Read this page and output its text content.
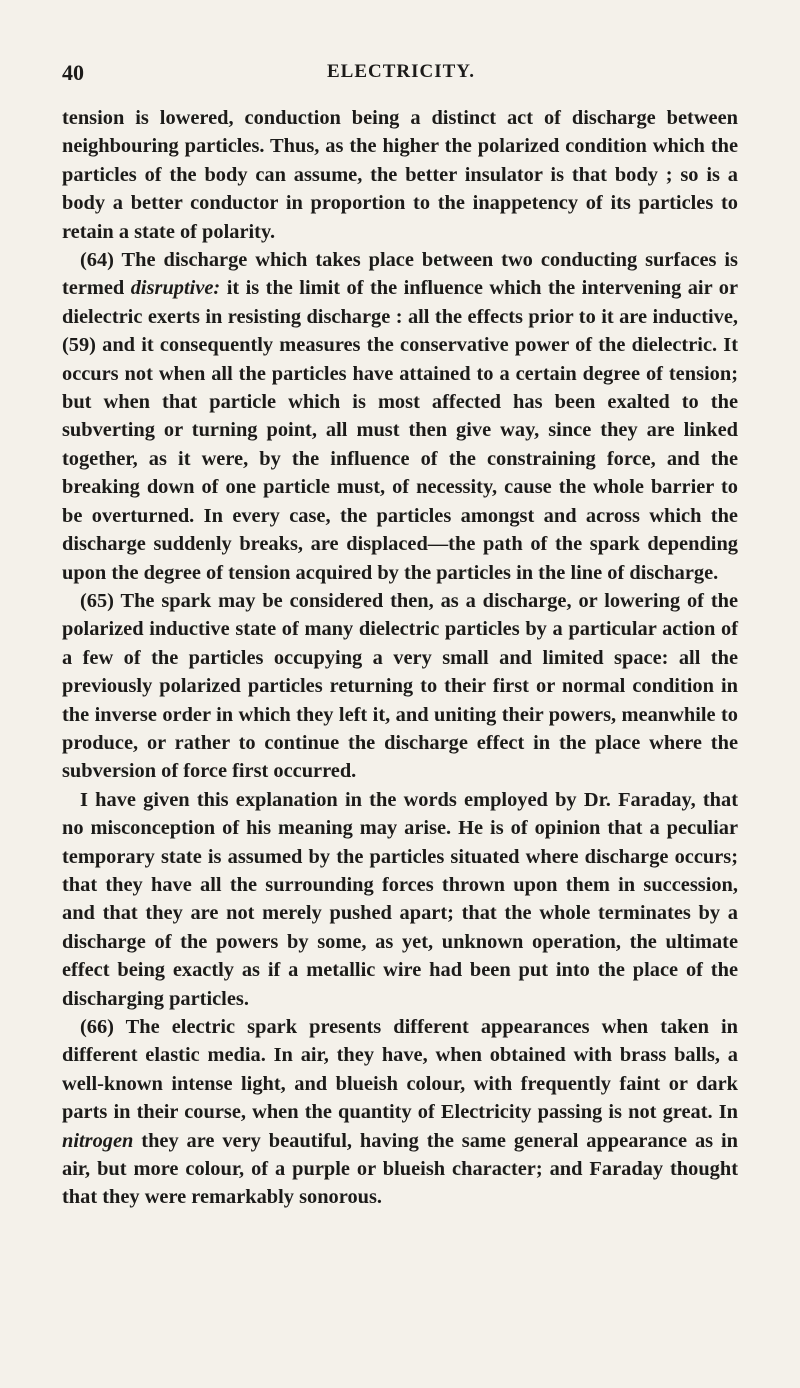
40	ELECTRICITY.

tension is lowered, conduction being a distinct act of discharge between neighbouring particles. Thus, as the higher the polarized condition which the particles of the body can assume, the better insulator is that body ; so is a body a better conductor in proportion to the inappetency of its particles to retain a state of polarity.

(64) The discharge which takes place between two conducting surfaces is termed disruptive: it is the limit of the influence which the intervening air or dielectric exerts in resisting discharge : all the effects prior to it are inductive, (59) and it consequently measures the conservative power of the dielectric. It occurs not when all the particles have attained to a certain degree of tension; but when that particle which is most affected has been exalted to the subverting or turning point, all must then give way, since they are linked together, as it were, by the influence of the constraining force, and the breaking down of one particle must, of necessity, cause the whole barrier to be overturned. In every case, the particles amongst and across which the discharge suddenly breaks, are displaced—the path of the spark depending upon the degree of tension acquired by the particles in the line of discharge.

(65) The spark may be considered then, as a discharge, or lowering of the polarized inductive state of many dielectric particles by a particular action of a few of the particles occupying a very small and limited space: all the previously polarized particles returning to their first or normal condition in the inverse order in which they left it, and uniting their powers, meanwhile to produce, or rather to continue the discharge effect in the place where the subversion of force first occurred.

I have given this explanation in the words employed by Dr. Faraday, that no misconception of his meaning may arise. He is of opinion that a peculiar temporary state is assumed by the particles situated where discharge occurs; that they have all the surrounding forces thrown upon them in succession, and that they are not merely pushed apart; that the whole terminates by a discharge of the powers by some, as yet, unknown operation, the ultimate effect being exactly as if a metallic wire had been put into the place of the discharging particles.

(66) The electric spark presents different appearances when taken in different elastic media. In air, they have, when obtained with brass balls, a well-known intense light, and blueish colour, with frequently faint or dark parts in their course, when the quantity of Electricity passing is not great. In nitrogen they are very beautiful, having the same general appearance as in air, but more colour, of a purple or blueish character; and Faraday thought that they were remarkably sonorous.
